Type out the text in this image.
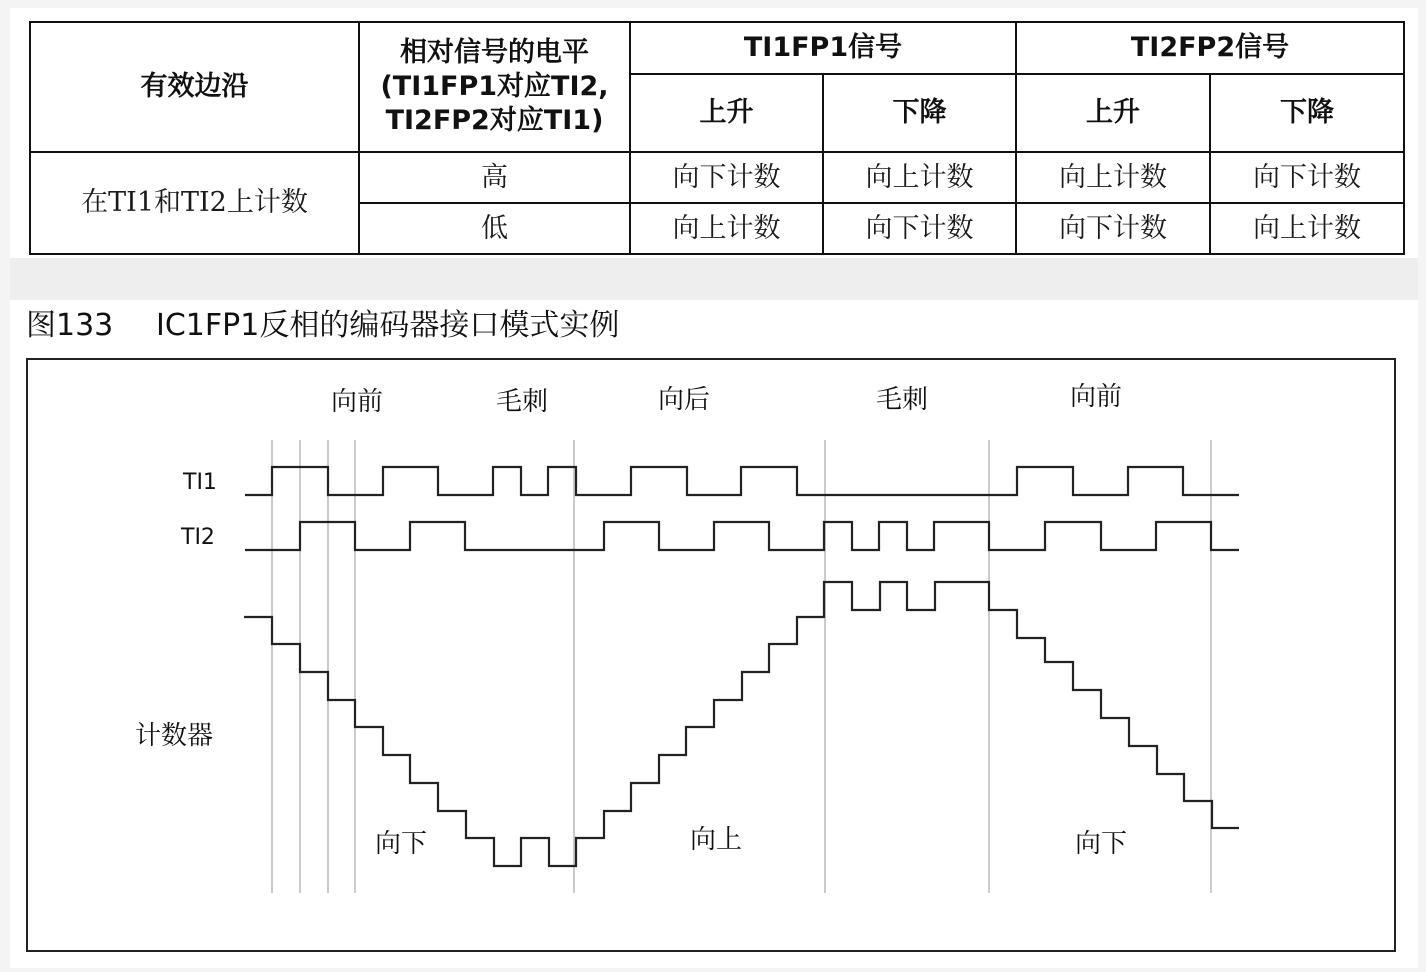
有效边沿	相对信号的电平
(TI1FP1对应TI2,
TI2FP2对应TI1)	TI1FP1信号		TI2FP2信号	
		上升	下降	上升	下降
在TI1和TI2上计数	高	向下计数	向上计数	向上计数	向下计数
	低	向上计数	向下计数	向下计数	向上计数
图133 IC1FP1反相的编码器接口模式实例
向前	毛刺	向后	毛刺	向前
TI1
TI2
计数器
向下	向上	向下
